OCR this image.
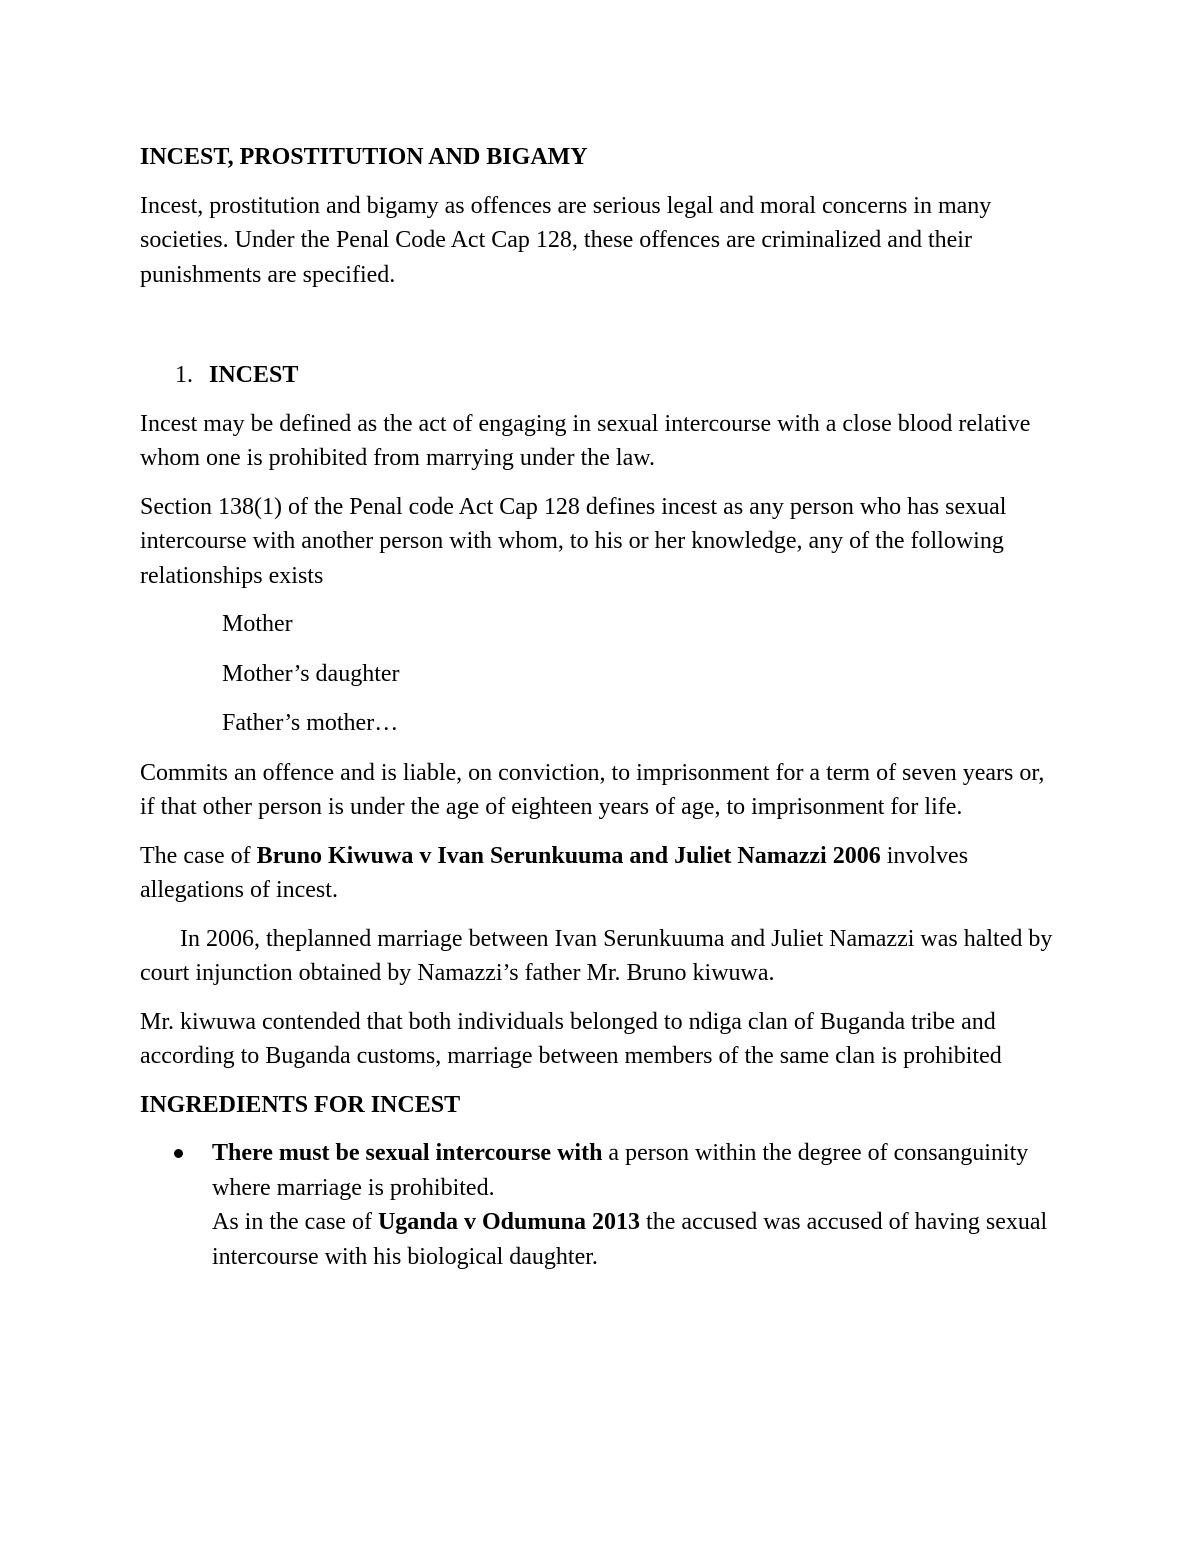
INCEST, PROSTITUTION AND BIGAMY

Incest, prostitution and bigamy as offences are serious legal and moral concerns in many societies. Under the Penal Code Act Cap 128, these offences are criminalized and their punishments are specified.

1. INCEST

Incest may be defined as the act of engaging in sexual intercourse with a close blood relative whom one is prohibited from marrying under the law.

Section 138(1) of the Penal code Act Cap 128 defines incest as any person who has sexual intercourse with another person with whom, to his or her knowledge, any of the following relationships exists

Mother

Mother’s daughter

Father’s mother…

Commits an offence and is liable, on conviction, to imprisonment for a term of seven years or, if that other person is under the age of eighteen years of age, to imprisonment for life.

The case of Bruno Kiwuwa v Ivan Serunkuuma and Juliet Namazzi 2006 involves allegations of incest.

In 2006, theplanned marriage between Ivan Serunkuuma and Juliet Namazzi was halted by court injunction obtained by Namazzi’s father Mr. Bruno kiwuwa.

Mr. kiwuwa contended that both individuals belonged to ndiga clan of Buganda tribe and according to Buganda customs, marriage between members of the same clan is prohibited

INGREDIENTS FOR INCEST

There must be sexual intercourse with a person within the degree of consanguinity where marriage is prohibited.

As in the case of Uganda v Odumuna 2013 the accused was accused of having sexual intercourse with his biological daughter.
